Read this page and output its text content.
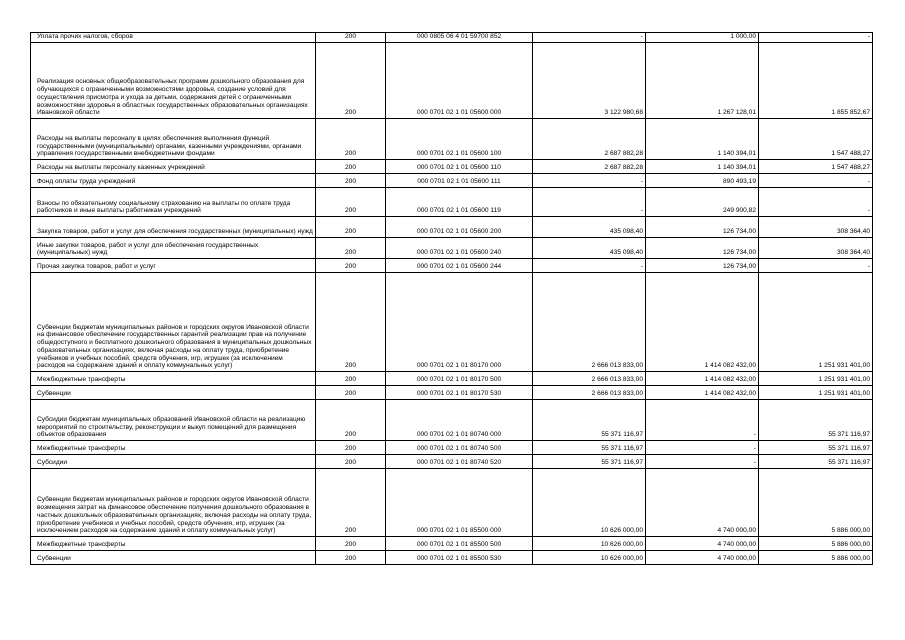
Уплата прочих налогов, сборов	200	000 0805 06 4 01 59700 852	-	1 000,00	-
Реализация основных общеобразовательных программ дошкольного образования для обучающихся с ограниченными возможностями здоровья, создание условий для осуществления присмотра и ухода за детьми, содержания детей с ограниченными возможностями здоровья в областных государственных образовательных организациях Ивановской области	200	000 0701 02 1 01 05600 000	3 122 980,68	1 267 128,01	1 855 852,67
Расходы на выплаты персоналу в целях обеспечения выполнения функций государственными (муниципальными) органами, казенными учреждениями, органами управления государственными внебюджетными фондами	200	000 0701 02 1 01 05600 100	2 687 882,28	1 140 394,01	1 547 488,27
Расходы на выплаты персоналу казенных учреждений	200	000 0701 02 1 01 05600 110	2 687 882,28	1 140 394,01	1 547 488,27
Фонд оплаты труда учреждений	200	000 0701 02 1 01 05600 111	-	890 493,19	-
Взносы по обязательному социальному страхованию на выплаты по оплате труда работников и иные выплаты работникам учреждений	200	000 0701 02 1 01 05600 119	-	249 900,82	-
Закупка товаров, работ и услуг для обеспечения государственных (муниципальных) нужд	200	000 0701 02 1 01 05600 200	435 098,40	126 734,00	308 364,40
Иные закупки товаров, работ и услуг для обеспечения государственных (муниципальных) нужд	200	000 0701 02 1 01 05600 240	435 098,40	126 734,00	308 364,40
Прочая закупка товаров, работ и услуг	200	000 0701 02 1 01 05600 244	-	126 734,00	-
Субвенции бюджетам муниципальных районов и городских округов Ивановской области на финансовое обеспечение государственных гарантий реализации прав на получение общедоступного и бесплатного дошкольного образования в муниципальных дошкольных образовательных организациях, включая расходы на оплату труда, приобретение учебников и учебных пособий, средств обучения, игр, игрушек (за исключением расходов на содержание зданий и оплату коммунальных услуг)	200	000 0701 02 1 01 80170 000	2 666 013 833,00	1 414 082 432,00	1 251 931 401,00
Межбюджетные трансферты	200	000 0701 02 1 01 80170 500	2 666 013 833,00	1 414 082 432,00	1 251 931 401,00
Субвенции	200	000 0701 02 1 01 80170 530	2 666 013 833,00	1 414 082 432,00	1 251 931 401,00
Субсидии бюджетам муниципальных образований Ивановской области на реализацию мероприятий по строительству, реконструкции и выкуп помещений для размещения объектов образования	200	000 0701 02 1 01 80740 000	55 371 116,97	-	55 371 116,97
Межбюджетные трансферты	200	000 0701 02 1 01 80740 500	55 371 116,97	-	55 371 116,97
Субсидии	200	000 0701 02 1 01 80740 520	55 371 116,97	-	55 371 116,97
Субвенции бюджетам муниципальных районов и городских округов Ивановской области возмещения затрат на финансовое обеспечение получения дошкольного образования в частных дошкольных образовательных организациях, включая расходы на оплату труда, приобретение учебников и учебных пособий, средств обучения, игр, игрушек (за исключением расходов на содержание зданий и оплату коммунальных услуг)	200	000 0701 02 1 01 85500 000	10 626 000,00	4 740 000,00	5 886 000,00
Межбюджетные трансферты	200	000 0701 02 1 01 85500 500	10 626 000,00	4 740 000,00	5 886 000,00
Субвенции	200	000 0701 02 1 01 85500 530	10 626 000,00	4 740 000,00	5 886 000,00
